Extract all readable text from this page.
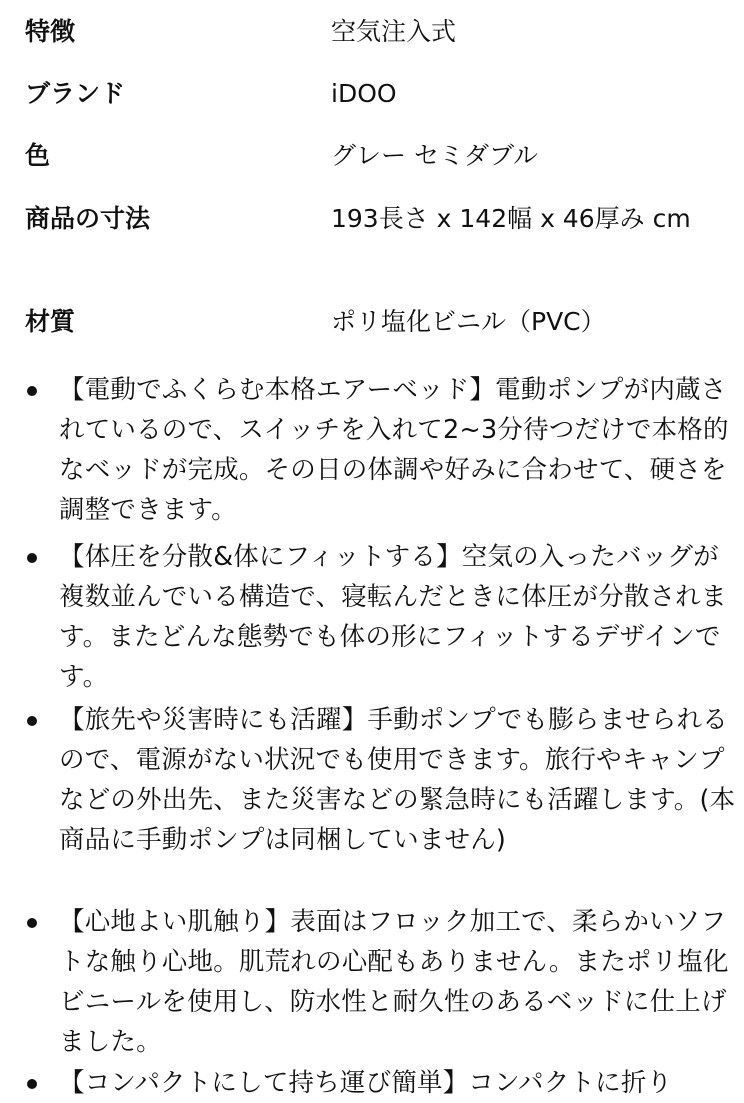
特徴	空気注入式
ブランド	iDOO
色	グレー セミダブル
商品の寸法	193長さ x 142幅 x 46厚み cm
材質	ポリ塩化ビニル（PVC）
【電動でふくらむ本格エアーベッド】電動ポンプが内蔵されているので、スイッチを入れて2~3分待つだけで本格的なベッドが完成。その日の体調や好みに合わせて、硬さを調整できます。
【体圧を分散&体にフィットする】空気の入ったバッグが複数並んでいる構造で、寝転んだときに体圧が分散されます。またどんな態勢でも体の形にフィットするデザインです。
【旅先や災害時にも活躍】手動ポンプでも膨らませられるので、電源がない状況でも使用できます。旅行やキャンプなどの外出先、また災害などの緊急時にも活躍します。(本商品に手動ポンプは同梱していません)
【心地よい肌触り】表面はフロック加工で、柔らかいソフトな触り心地。肌荒れの心配もありません。またポリ塩化ビニールを使用し、防水性と耐久性のあるベッドに仕上げました。
【コンパクトにして持ち運び簡単】コンパクトに折り
